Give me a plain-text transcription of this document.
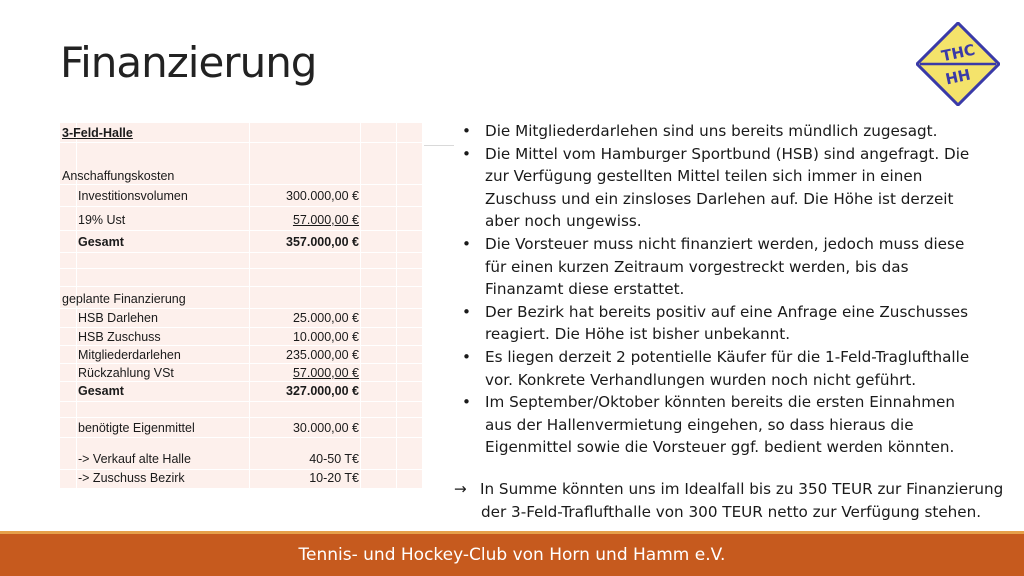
Finanzierung	THC
HH
3-Feld-Halle
Anschaffungskosten
Investitionsvolumen	300.000,00 €
19% Ust	57.000,00 €
Gesamt	357.000,00 €
geplante Finanzierung
HSB Darlehen	25.000,00 €
HSB Zuschuss	10.000,00 €
Mitgliederdarlehen	235.000,00 €
Rückzahlung VSt	57.000,00 €
Gesamt	327.000,00 €
benötigte Eigenmittel	30.000,00 €
-> Verkauf alte Halle	40-50 T€
-> Zuschuss Bezirk	10-20 T€
• Die Mitgliederdarlehen sind uns bereits mündlich zugesagt.
• Die Mittel vom Hamburger Sportbund (HSB) sind angefragt. Die
zur Verfügung gestellten Mittel teilen sich immer in einen
Zuschuss und ein zinsloses Darlehen auf. Die Höhe ist derzeit
aber noch ungewiss.
• Die Vorsteuer muss nicht finanziert werden, jedoch muss diese
für einen kurzen Zeitraum vorgestreckt werden, bis das
Finanzamt diese erstattet.
• Der Bezirk hat bereits positiv auf eine Anfrage eine Zuschusses
reagiert. Die Höhe ist bisher unbekannt.
• Es liegen derzeit 2 potentielle Käufer für die 1-Feld-Traglufthalle
vor. Konkrete Verhandlungen wurden noch nicht geführt.
• Im September/Oktober könnten bereits die ersten Einnahmen
aus der Hallenvermietung eingehen, so dass hieraus die
Eigenmittel sowie die Vorsteuer ggf. bedient werden könnten.
→ In Summe könnten uns im Idealfall bis zu 350 TEUR zur Finanzierung
der 3-Feld-Traflufthalle von 300 TEUR netto zur Verfügung stehen.
Tennis- und Hockey-Club von Horn und Hamm e.V.
